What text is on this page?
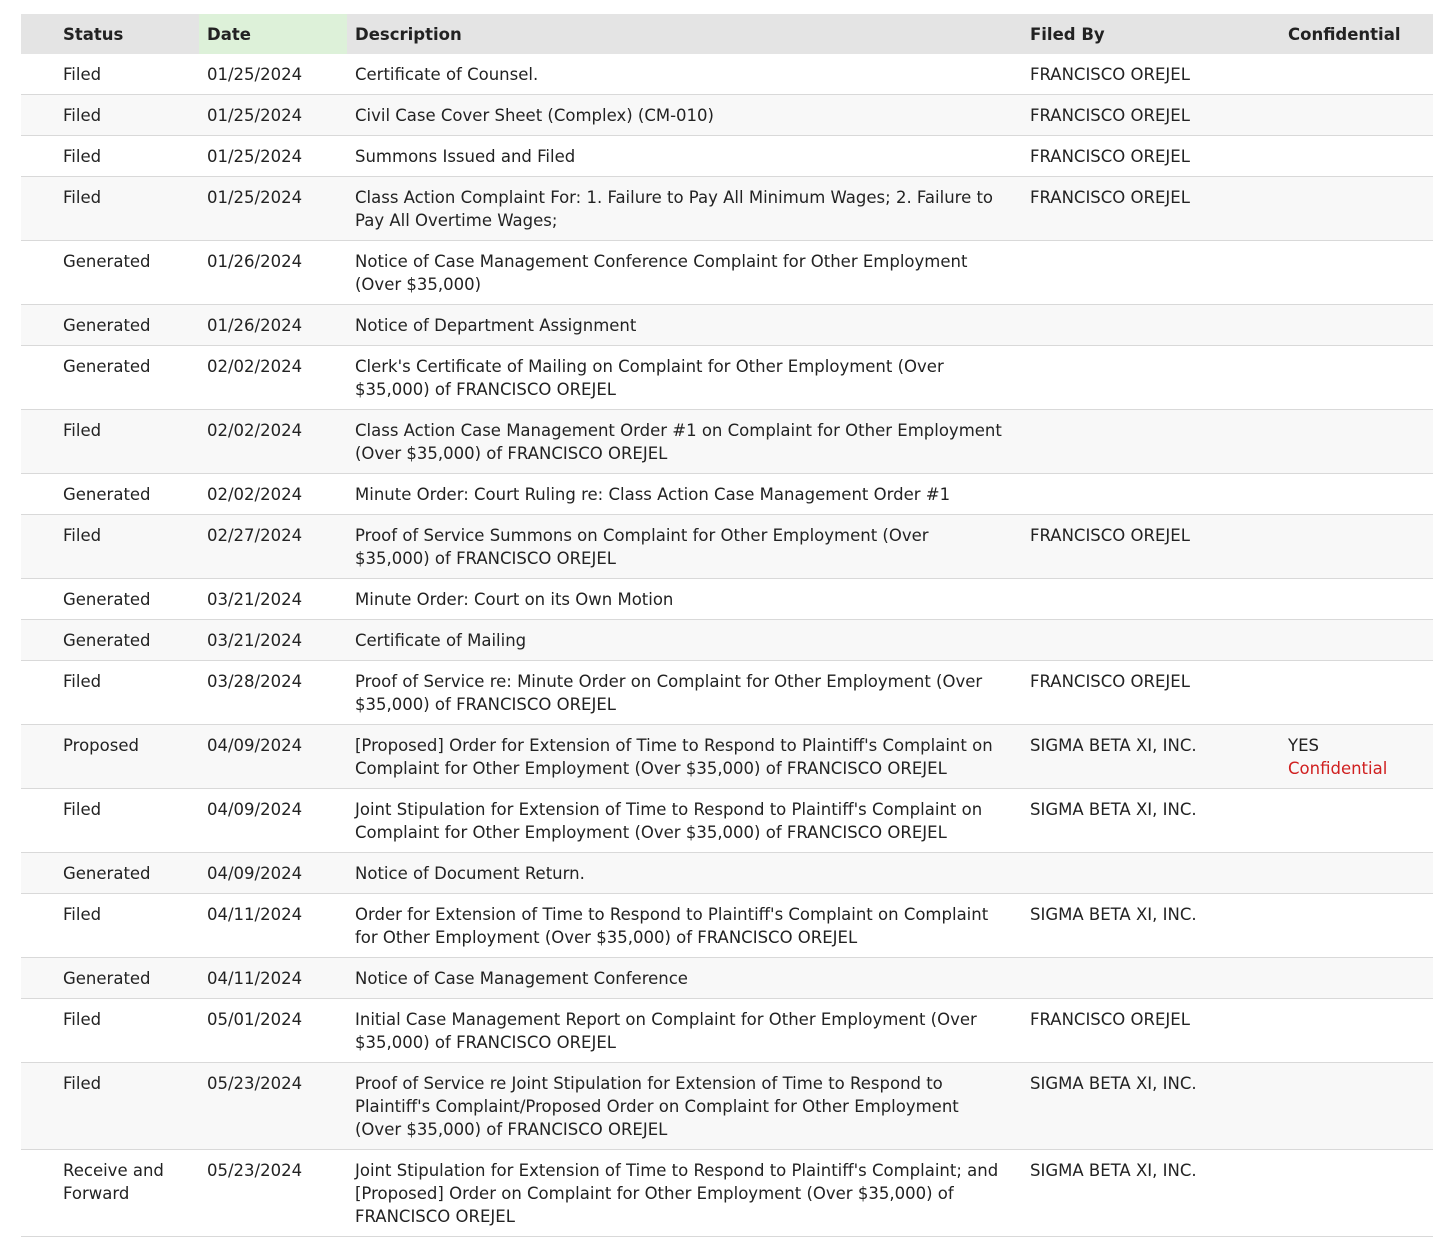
	Status	Date	Description	Filed By	Confidential

	Filed	01/25/2024	Certificate of Counsel.	FRANCISCO OREJEL	

	Filed	01/25/2024	Civil Case Cover Sheet (Complex) (CM-010)	FRANCISCO OREJEL	

	Filed	01/25/2024	Summons Issued and Filed	FRANCISCO OREJEL	

	Filed	01/25/2024	Class Action Complaint For: 1. Failure to Pay All Minimum Wages; 2. Failure to Pay All Overtime Wages;	FRANCISCO OREJEL	

	Generated	01/26/2024	Notice of Case Management Conference Complaint for Other Employment (Over $35,000)		

	Generated	01/26/2024	Notice of Department Assignment		

	Generated	02/02/2024	Clerk's Certificate of Mailing on Complaint for Other Employment (Over $35,000) of FRANCISCO OREJEL		

	Filed	02/02/2024	Class Action Case Management Order #1 on Complaint for Other Employment (Over $35,000) of FRANCISCO OREJEL		

	Generated	02/02/2024	Minute Order: Court Ruling re: Class Action Case Management Order #1		

	Filed	02/27/2024	Proof of Service Summons on Complaint for Other Employment (Over $35,000) of FRANCISCO OREJEL	FRANCISCO OREJEL	

	Generated	03/21/2024	Minute Order: Court on its Own Motion		

	Generated	03/21/2024	Certificate of Mailing		

	Filed	03/28/2024	Proof of Service re: Minute Order on Complaint for Other Employment (Over $35,000) of FRANCISCO OREJEL	FRANCISCO OREJEL	

	Proposed	04/09/2024	[Proposed] Order for Extension of Time to Respond to Plaintiff's Complaint on Complaint for Other Employment (Over $35,000) of FRANCISCO OREJEL	SIGMA BETA XI, INC.	YES
Confidential

	Filed	04/09/2024	Joint Stipulation for Extension of Time to Respond to Plaintiff's Complaint on Complaint for Other Employment (Over $35,000) of FRANCISCO OREJEL	SIGMA BETA XI, INC.	

	Generated	04/09/2024	Notice of Document Return.		

	Filed	04/11/2024	Order for Extension of Time to Respond to Plaintiff's Complaint on Complaint for Other Employment (Over $35,000) of FRANCISCO OREJEL	SIGMA BETA XI, INC.	

	Generated	04/11/2024	Notice of Case Management Conference		

	Filed	05/01/2024	Initial Case Management Report on Complaint for Other Employment (Over $35,000) of FRANCISCO OREJEL	FRANCISCO OREJEL	

	Filed	05/23/2024	Proof of Service re Joint Stipulation for Extension of Time to Respond to Plaintiff's Complaint/Proposed Order on Complaint for Other Employment (Over $35,000) of FRANCISCO OREJEL	SIGMA BETA XI, INC.	

	Receive and Forward	05/23/2024	Joint Stipulation for Extension of Time to Respond to Plaintiff's Complaint; and [Proposed] Order on Complaint for Other Employment (Over $35,000) of FRANCISCO OREJEL	SIGMA BETA XI, INC.	
